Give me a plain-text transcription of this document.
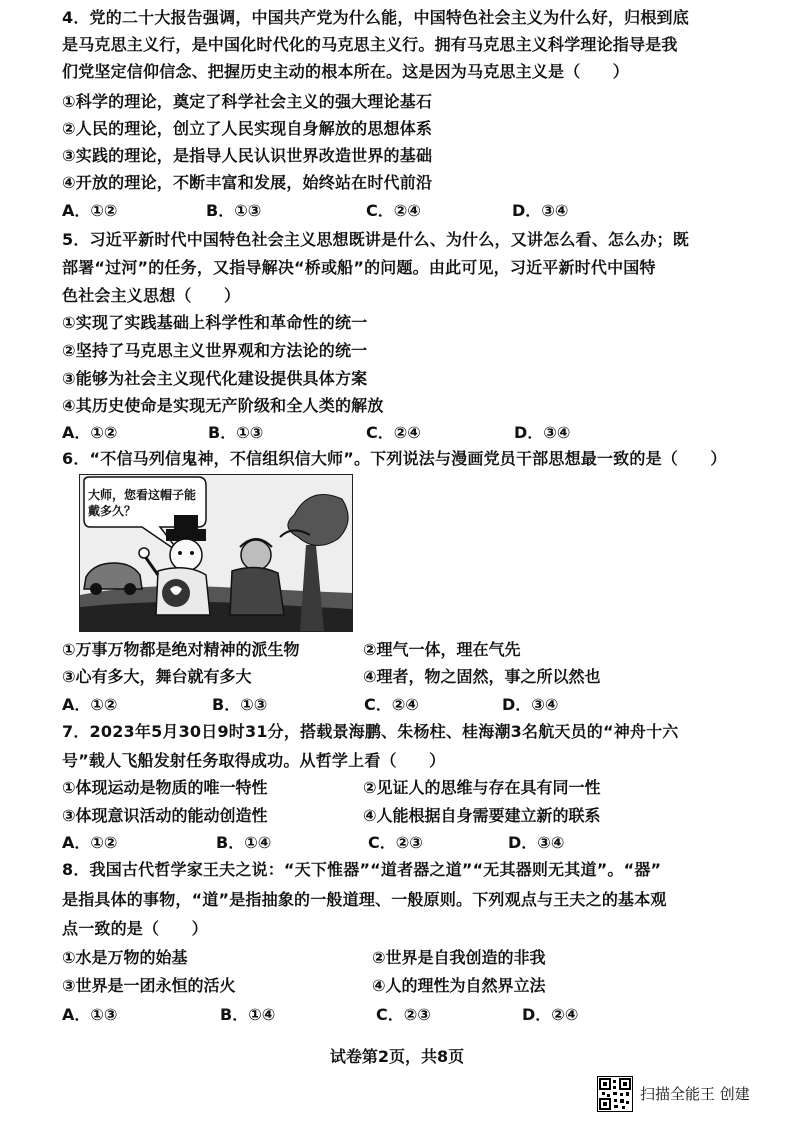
4．党的二十大报告强调，中国共产党为什么能，中国特色社会主义为什么好，归根到底
是马克思主义行，是中国化时代化的马克思主义行。拥有马克思主义科学理论指导是我
们党坚定信仰信念、把握历史主动的根本所在。这是因为马克思主义是（　　）
①科学的理论，奠定了科学社会主义的强大理论基石
②人民的理论，创立了人民实现自身解放的思想体系
③实践的理论，是指导人民认识世界改造世界的基础
④开放的理论，不断丰富和发展，始终站在时代前沿
A．①②	B．①③	C．②④	D．③④
5．习近平新时代中国特色社会主义思想既讲是什么、为什么，又讲怎么看、怎么办；既
部署“过河”的任务，又指导解决“桥或船”的问题。由此可见，习近平新时代中国特
色社会主义思想（　　）
①实现了实践基础上科学性和革命性的统一
②坚持了马克思主义世界观和方法论的统一
③能够为社会主义现代化建设提供具体方案
④其历史使命是实现无产阶级和全人类的解放
A．①②	B．①③	C．②④	D．③④
6．“不信马列信鬼神，不信组织信大师”。下列说法与漫画党员干部思想最一致的是（　　）
大师，您看这帽子能戴多久？
①万事万物都是绝对精神的派生物	②理气一体，理在气先
③心有多大，舞台就有多大	④理者，物之固然，事之所以然也
A．①②	B．①③	C．②④	D．③④
7．2023年5月30日9时31分，搭载景海鹏、朱杨柱、桂海潮3名航天员的“神舟十六
号”载人飞船发射任务取得成功。从哲学上看（　　）
①体现运动是物质的唯一特性	②见证人的思维与存在具有同一性
③体现意识活动的能动创造性	④人能根据自身需要建立新的联系
A．①②	B．①④	C．②③	D．③④
8．我国古代哲学家王夫之说：“天下惟器”“道者器之道”“无其器则无其道”。“器”
是指具体的事物，“道”是指抽象的一般道理、一般原则。下列观点与王夫之的基本观
点一致的是（　　）
①水是万物的始基	②世界是自我创造的非我
③世界是一团永恒的活火	④人的理性为自然界立法
A．①③	B．①④	C．②③	D．②④
试卷第2页，共8页
扫描全能王 创建
